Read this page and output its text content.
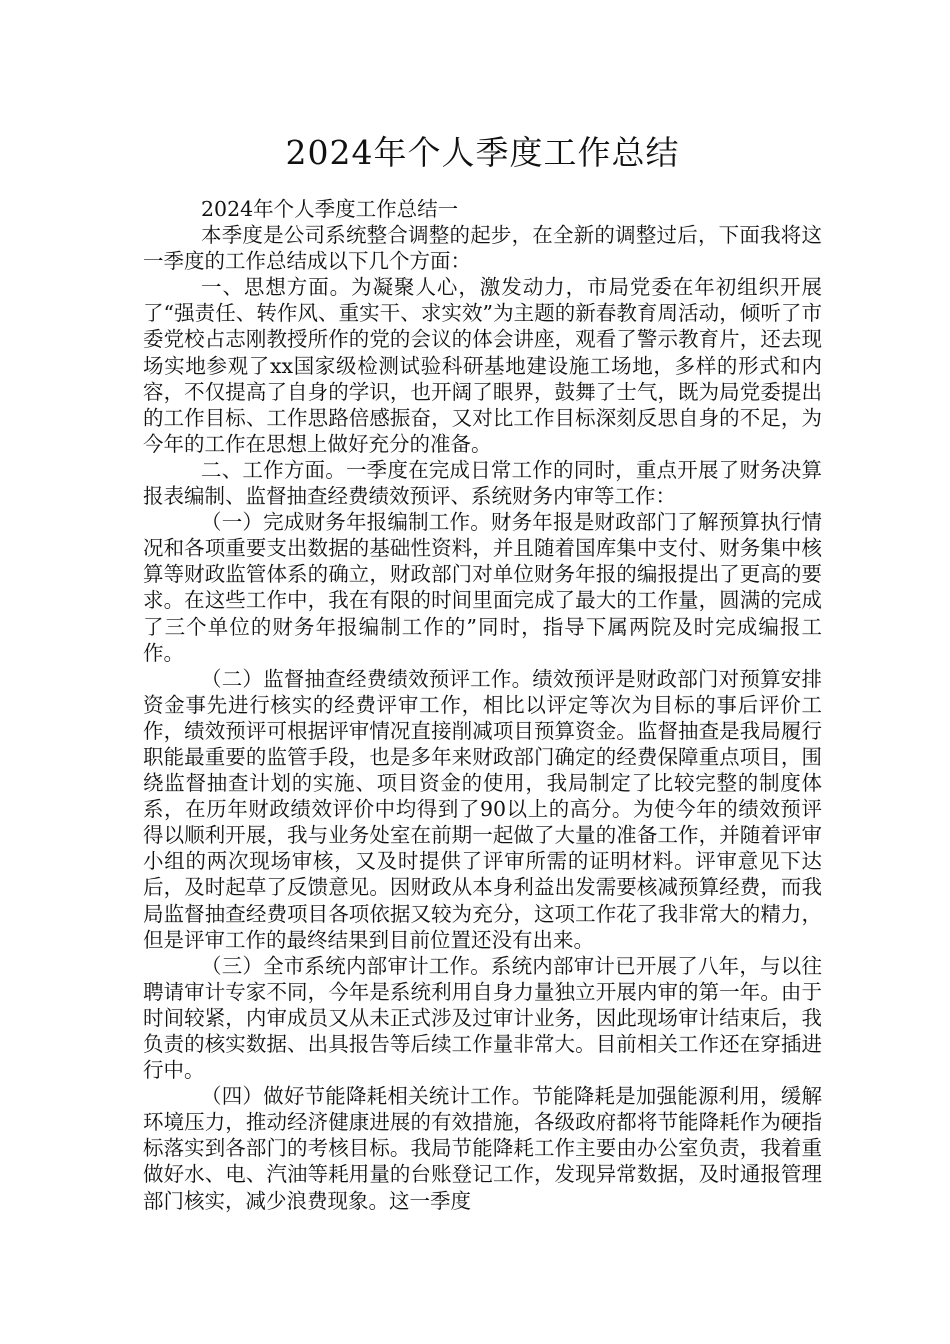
2024年个人季度工作总结

2024年个人季度工作总结一

本季度是公司系统整合调整的起步，在全新的调整过后，下面我将这一季度的工作总结成以下几个方面：

一、思想方面。为凝聚人心，激发动力，市局党委在年初组织开展了“强责任、转作风、重实干、求实效”为主题的新春教育周活动，倾听了市委党校占志刚教授所作的党的会议的体会讲座，观看了警示教育片，还去现场实地参观了xx国家级检测试验科研基地建设施工场地，多样的形式和内容，不仅提高了自身的学识，也开阔了眼界，鼓舞了士气，既为局党委提出的工作目标、工作思路倍感振奋，又对比工作目标深刻反思自身的不足，为今年的工作在思想上做好充分的准备。

二、工作方面。一季度在完成日常工作的同时，重点开展了财务决算报表编制、监督抽查经费绩效预评、系统财务内审等工作：

（一）完成财务年报编制工作。财务年报是财政部门了解预算执行情况和各项重要支出数据的基础性资料，并且随着国库集中支付、财务集中核算等财政监管体系的确立，财政部门对单位财务年报的编报提出了更高的要求。在这些工作中，我在有限的时间里面完成了最大的工作量，圆满的完成了三个单位的财务年报编制工作的”同时，指导下属两院及时完成编报工作。

（二）监督抽查经费绩效预评工作。绩效预评是财政部门对预算安排资金事先进行核实的经费评审工作，相比以评定等次为目标的事后评价工作，绩效预评可根据评审情况直接削减项目预算资金。监督抽查是我局履行职能最重要的监管手段，也是多年来财政部门确定的经费保障重点项目，围绕监督抽查计划的实施、项目资金的使用，我局制定了比较完整的制度体系，在历年财政绩效评价中均得到了90以上的高分。为使今年的绩效预评得以顺利开展，我与业务处室在前期一起做了大量的准备工作，并随着评审小组的两次现场审核，又及时提供了评审所需的证明材料。评审意见下达后，及时起草了反馈意见。因财政从本身利益出发需要核减预算经费，而我局监督抽查经费项目各项依据又较为充分，这项工作花了我非常大的精力，但是评审工作的最终结果到目前位置还没有出来。

（三）全市系统内部审计工作。系统内部审计已开展了八年，与以往聘请审计专家不同，今年是系统利用自身力量独立开展内审的第一年。由于时间较紧，内审成员又从未正式涉及过审计业务，因此现场审计结束后，我负责的核实数据、出具报告等后续工作量非常大。目前相关工作还在穿插进行中。

（四）做好节能降耗相关统计工作。节能降耗是加强能源利用，缓解环境压力，推动经济健康进展的有效措施，各级政府都将节能降耗作为硬指标落实到各部门的考核目标。我局节能降耗工作主要由办公室负责，我着重做好水、电、汽油等耗用量的台账登记工作，发现异常数据，及时通报管理部门核实，减少浪费现象。这一季度
